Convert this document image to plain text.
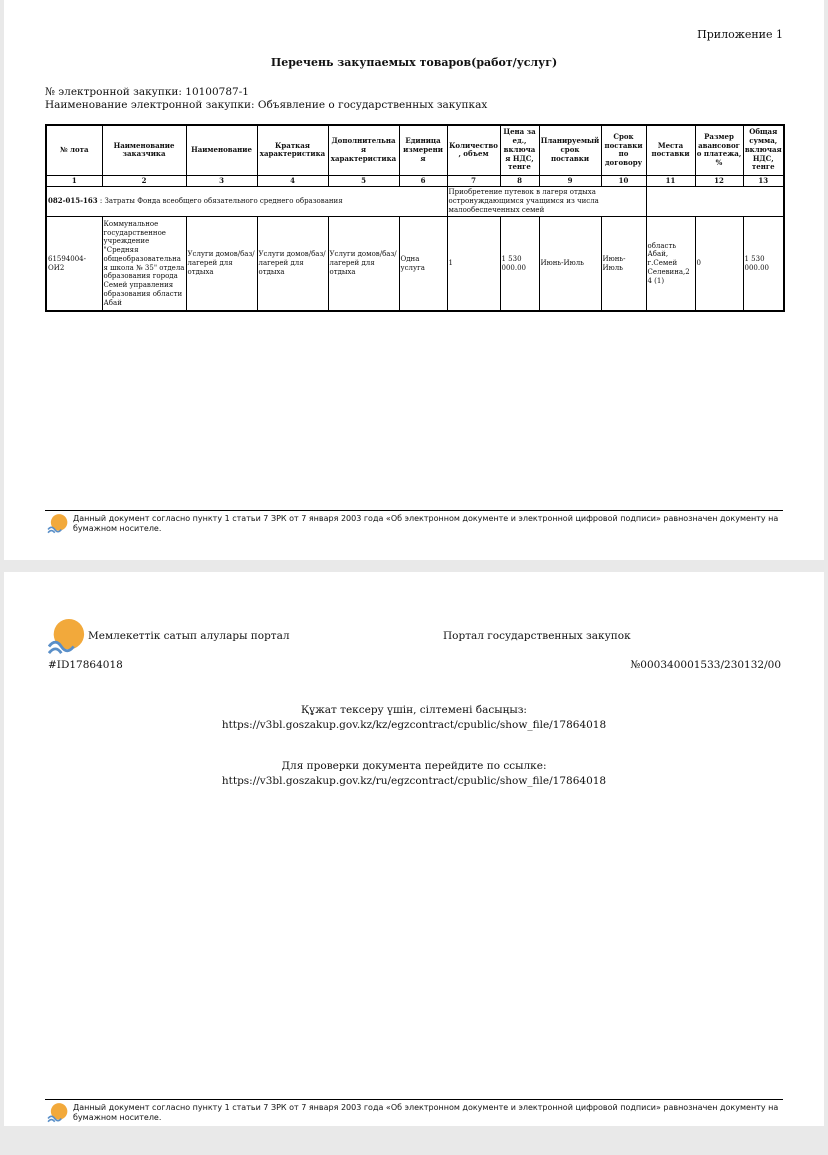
Приложение 1
Перечень закупаемых товаров(работ/услуг)
№ электронной закупки: 10100787-1
Наименование электронной закупки: Объявление о государственных закупках
№ лота	Наименование заказчика	Наименование	Краткая характеристика	Дополнительная характеристика	Единица измерения	Количество, объем	Цена за ед., включая НДС, тенге	Планируемый срок поставки	Срок поставки по договору	Места поставки	Размер авансового платежа, %	Общая сумма, включая НДС, тенге
1	2	3	4	5	6	7	8	9	10	11	12	13
082-015-163 : Затраты Фонда всеобщего обязательного среднего образования						Приобретение путевок в лагеря отдыха остронуждающимся учащимся из числа малообеспеченных семей						
61594004-ОИ2	Коммунальное государственное учреждение "Средняя общеобразовательная школа № 35" отдела образования города Семей управления образования области Абай	Услуги домов/баз/лагерей для отдыха	Услуги домов/баз/лагерей для отдыха	Услуги домов/баз/лагерей для отдыха	Одна услуга	1	1 530 000.00	Июнь-Июль	Июнь-Июль	область Абай, г.Семей Селевина,24 (1)	0	1 530 000.00
Данный документ согласно пункту 1 статьи 7 ЗРК от 7 января 2003 года «Об электронном документе и электронной цифровой подписи» равнозначен документу на бумажном носителе.
Мемлекеттік сатып алулары портал	Портал государственных закупок
#ID17864018	№000340001533/230132/00
Құжат тексеру үшін, сілтемені басыңыз:
https://v3bl.goszakup.gov.kz/kz/egzcontract/cpublic/show_file/17864018
Для проверки документа перейдите по ссылке:
https://v3bl.goszakup.gov.kz/ru/egzcontract/cpublic/show_file/17864018
Данный документ согласно пункту 1 статьи 7 ЗРК от 7 января 2003 года «Об электронном документе и электронной цифровой подписи» равнозначен документу на бумажном носителе.
